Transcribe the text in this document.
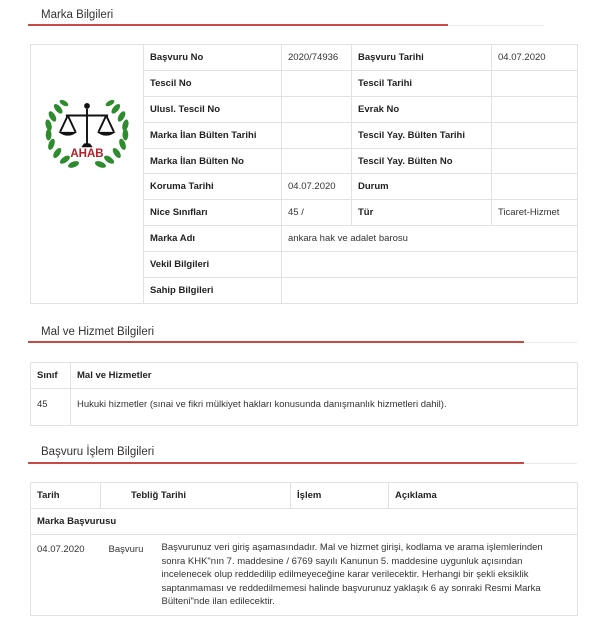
Marka Bilgileri
AHAB	Başvuru No	2020/74936	Başvuru Tarihi	04.07.2020
	Tescil No		Tescil Tarihi	
	Ulusl. Tescil No		Evrak No	
	Marka İlan Bülten Tarihi		Tescil Yay. Bülten Tarihi	
	Marka İlan Bülten No		Tescil Yay. Bülten No	
	Koruma Tarihi	04.07.2020	Durum	
	Nice Sınıfları	45 /	Tür	Ticaret-Hizmet
	Marka Adı	ankara hak ve adalet barosu		
	Vekil Bilgileri			
	Sahip Bilgileri			
Mal ve Hizmet Bilgileri
Sınıf	Mal ve Hizmetler
45	Hukuki hizmetler (sınai ve fikri mülkiyet hakları konusunda danışmanlık hizmetleri dahil).
Başvuru İşlem Bilgileri
Tarih	Tebliğ Tarihi		İşlem	Açıklama
Marka Başvurusu				
04.07.2020	Başvuru	Başvurunuz veri giriş aşamasındadır. Mal ve hizmet girişi, kodlama ve arama işlemlerinden sonra KHK"nın 7. maddesine / 6769 sayılı Kanunun 5. maddesine uygunluk açısından incelenecek olup reddedilip edilmeyeceğine karar verilecektir. Herhangi bir şekli eksiklik saptanmaması ve reddedilmemesi halinde başvurunuz yaklaşık 6 ay sonraki Resmi Marka Bülteni"nde ilan edilecektir.		
